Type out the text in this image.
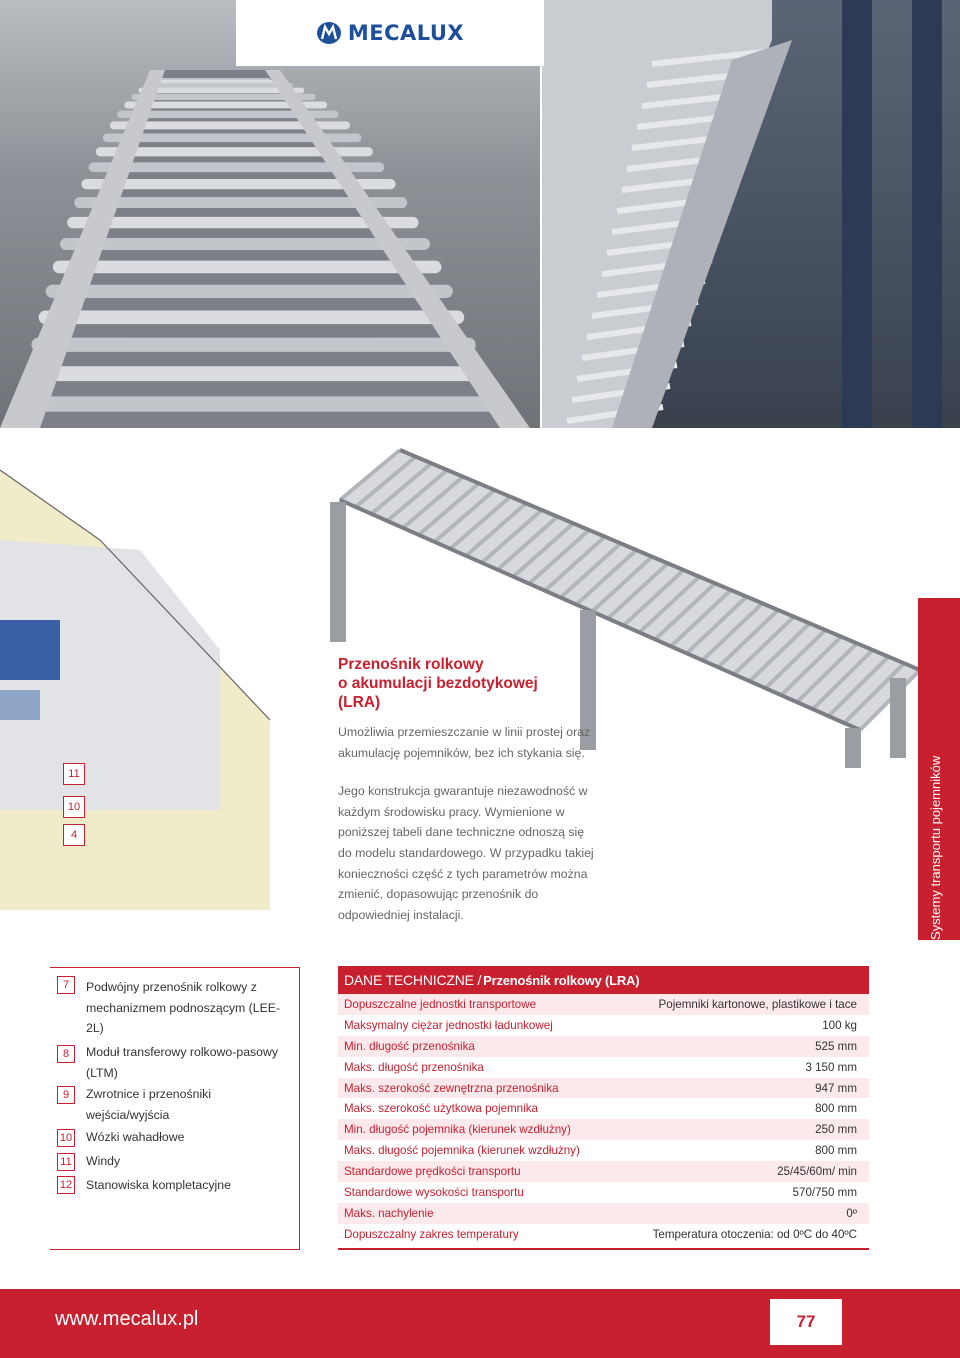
MECALUX
11
10
4
Przenośnik rolkowy
o akumulacji bezdotykowej
(LRA)

Umożliwia przemieszczanie w linii prostej oraz akumulację pojemników, bez ich stykania się.

Jego konstrukcja gwarantuje niezawodność w każdym środowisku pracy. Wymienione w poniższej tabeli dane techniczne odnoszą się do modelu standardowego. W przypadku takiej konieczności część z tych parametrów można zmienić, dopasowując przenośnik do odpowiedniej instalacji.	Systemy transportu pojemników
7	Podwójny przenośnik rolkowy z mechanizmem podnoszącym (LEE-2L)
8	Moduł transferowy rolkowo-pasowy (LTM)
9	Zwrotnice i przenośniki wejścia/wyjścia
10 Wózki wahadłowe
11 Windy
12 Stanowiska kompletacyjne
DANE TECHNICZNE / Przenośnik rolkowy (LRA)
Dopuszczalne jednostki transportowe	Pojemniki kartonowe, plastikowe i tace
Maksymalny ciężar jednostki ładunkowej	100 kg
Min. długość przenośnika	525 mm
Maks. długość przenośnika	3 150 mm
Maks. szerokość zewnętrzna przenośnika	947 mm
Maks. szerokość użytkowa pojemnika	800 mm
Min. długość pojemnika (kierunek wzdłużny)	250 mm
Maks. długość pojemnika (kierunek wzdłużny)	800 mm
Standardowe prędkości transportu	25/45/60m/ min
Standardowe wysokości transportu	570/750 mm
Maks. nachylenie	0º
Dopuszczalny zakres temperatury	Temperatura otoczenia: od 0ºC do 40ºC
www.mecalux.pl	77
